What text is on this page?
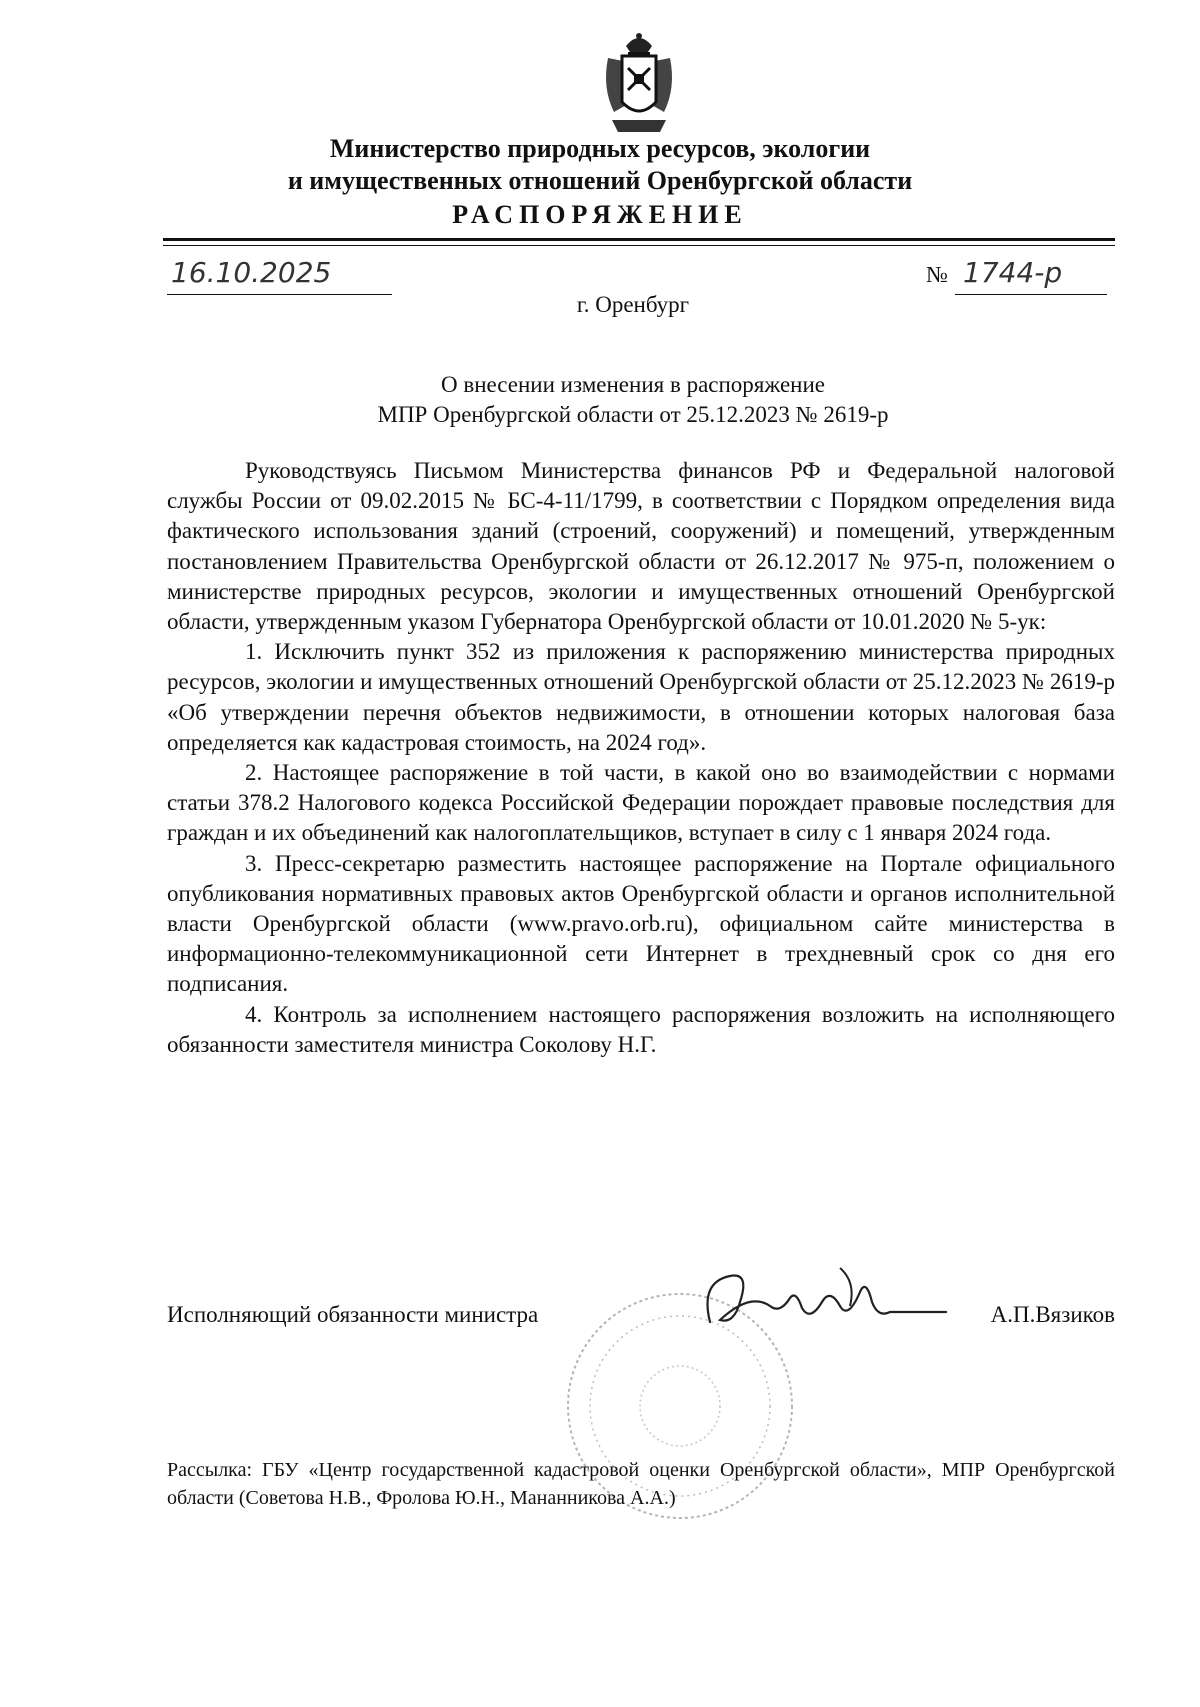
Министерство природных ресурсов, экологии
и имущественных отношений Оренбургской области
РАСПОРЯЖЕНИЕ
16.10.2025	№ 1744-р
г. Оренбург
О внесении изменения в распоряжение
МПР Оренбургской области от 25.12.2023 № 2619-р

Руководствуясь Письмом Министерства финансов РФ и Федеральной налоговой службы России от 09.02.2015 № БС-4-11/1799, в соответствии с Порядком определения вида фактического использования зданий (строений, сооружений) и помещений, утвержденным постановлением Правительства Оренбургской области от 26.12.2017 № 975-п, положением о министерстве природных ресурсов, экологии и имущественных отношений Оренбургской области, утвержденным указом Губернатора Оренбургской области от 10.01.2020 № 5-ук:

1. Исключить пункт 352 из приложения к распоряжению министерства природных ресурсов, экологии и имущественных отношений Оренбургской области от 25.12.2023 № 2619-р «Об утверждении перечня объектов недвижимости, в отношении которых налоговая база определяется как кадастровая стоимость, на 2024 год».

2. Настоящее распоряжение в той части, в какой оно во взаимодействии с нормами статьи 378.2 Налогового кодекса Российской Федерации порождает правовые последствия для граждан и их объединений как налогоплательщиков, вступает в силу с 1 января 2024 года.

3. Пресс-секретарю разместить настоящее распоряжение на Портале официального опубликования нормативных правовых актов Оренбургской области и органов исполнительной власти Оренбургской области (www.pravo.orb.ru), официальном сайте министерства в информационно-телекоммуникационной сети Интернет в трехдневный срок со дня его подписания.

4. Контроль за исполнением настоящего распоряжения возложить на исполняющего обязанности заместителя министра Соколову Н.Г.

Исполняющий обязанности министра	А.П.Вязиков
Рассылка: ГБУ «Центр государственной кадастровой оценки Оренбургской области», МПР Оренбургской области (Советова Н.В., Фролова Ю.Н., Мананникова А.А.)
